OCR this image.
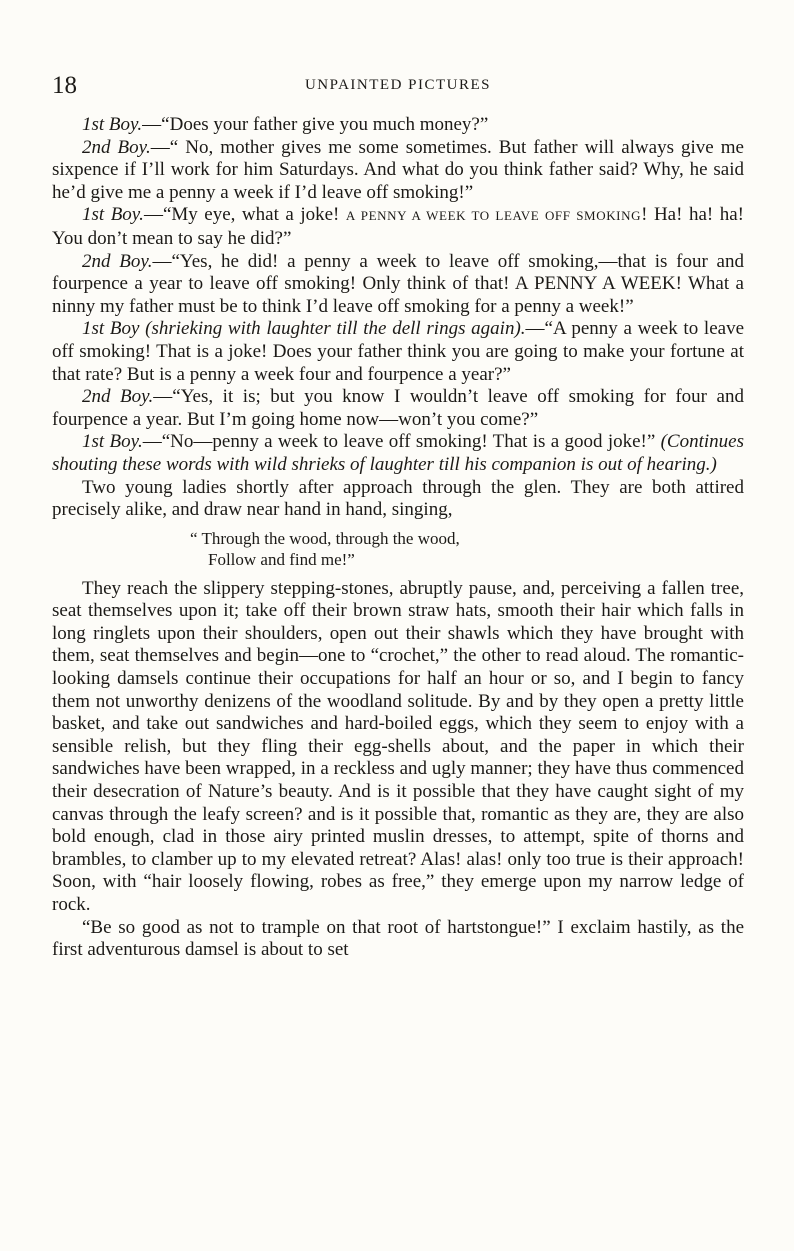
18	UNPAINTED PICTURES

1st Boy.—“Does your father give you much money?”

2nd Boy.—“ No, mother gives me some sometimes. But father will always give me sixpence if I’ll work for him Saturdays. And what do you think father said? Why, he said he’d give me a penny a week if I’d leave off smoking!”

1st Boy.—“My eye, what a joke! A PENNY A WEEK TO LEAVE OFF SMOKING! Ha! ha! ha! You don’t mean to say he did?”

2nd Boy.—“Yes, he did! a penny a week to leave off smoking,—that is four and fourpence a year to leave off smoking! Only think of that! A PENNY A WEEK! What a ninny my father must be to think I’d leave off smoking for a penny a week!”

1st Boy (shrieking with laughter till the dell rings again).—“A penny a week to leave off smoking! That is a joke! Does your father think you are going to make your fortune at that rate? But is a penny a week four and fourpence a year?”

2nd Boy.—“Yes, it is; but you know I wouldn’t leave off smoking for four and fourpence a year. But I’m going home now—won’t you come?”

1st Boy.—“No—penny a week to leave off smoking! That is a good joke!” (Continues shouting these words with wild shrieks of laughter till his companion is out of hearing.)

Two young ladies shortly after approach through the glen. They are both attired precisely alike, and draw near hand in hand, singing,

“ Through the wood, through the wood,
Follow and find me!”

They reach the slippery stepping-stones, abruptly pause, and, perceiving a fallen tree, seat themselves upon it; take off their brown straw hats, smooth their hair which falls in long ringlets upon their shoulders, open out their shawls which they have brought with them, seat themselves and begin—one to “crochet,” the other to read aloud. The romantic-looking damsels continue their occupations for half an hour or so, and I begin to fancy them not unworthy denizens of the woodland solitude. By and by they open a pretty little basket, and take out sandwiches and hard-boiled eggs, which they seem to enjoy with a sensible relish, but they fling their egg-shells about, and the paper in which their sandwiches have been wrapped, in a reckless and ugly manner; they have thus commenced their desecration of Nature’s beauty. And is it possible that they have caught sight of my canvas through the leafy screen? and is it possible that, romantic as they are, they are also bold enough, clad in those airy printed muslin dresses, to attempt, spite of thorns and brambles, to clamber up to my elevated retreat? Alas! alas! only too true is their approach! Soon, with “hair loosely flowing, robes as free,” they emerge upon my narrow ledge of rock.

“Be so good as not to trample on that root of hartstongue!” I exclaim hastily, as the first adventurous damsel is about to set
